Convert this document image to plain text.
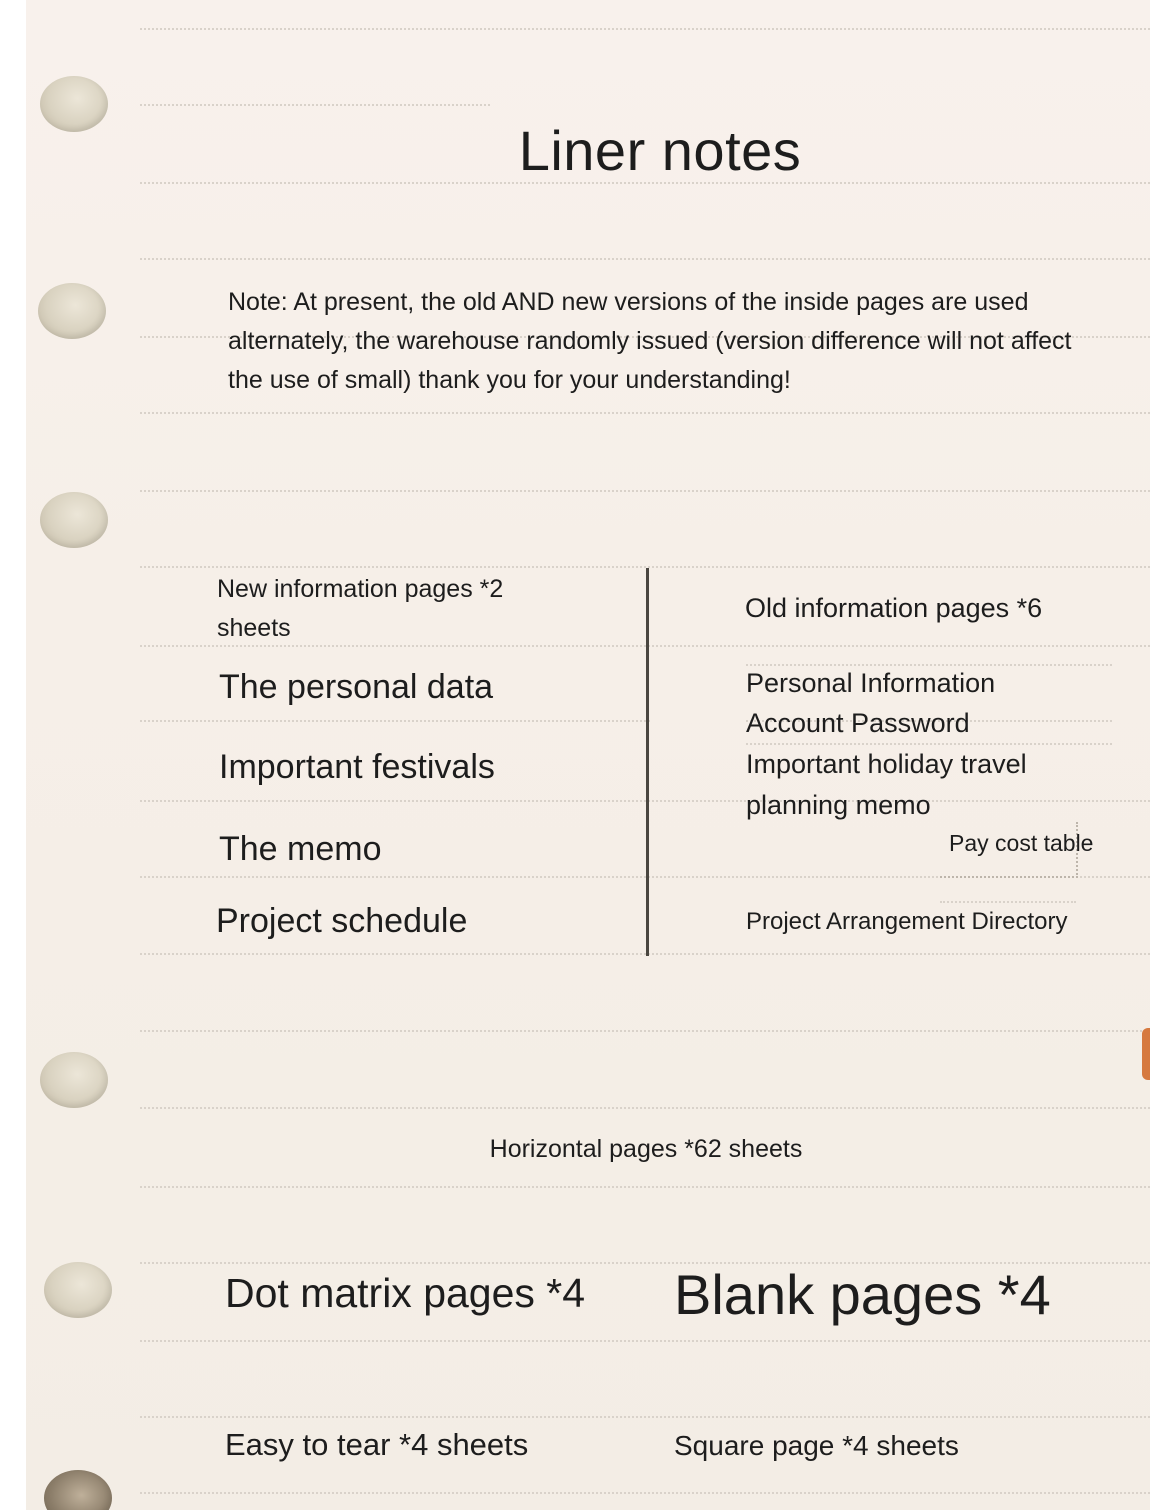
Liner notes
Note: At present, the old AND new versions of the inside pages are used alternately, the warehouse randomly issued (version difference will not affect the use of small) thank you for your understanding!
New information pages *2 sheets
The personal data
Important festivals
The memo
Project schedule
Old information pages *6
Personal Information
Account Password
Important holiday travel
planning memo
Pay cost table
Project Arrangement Directory
Horizontal pages *62 sheets
Dot matrix pages *4 Blank pages *4
Easy to tear *4 sheets	Square page *4 sheets
